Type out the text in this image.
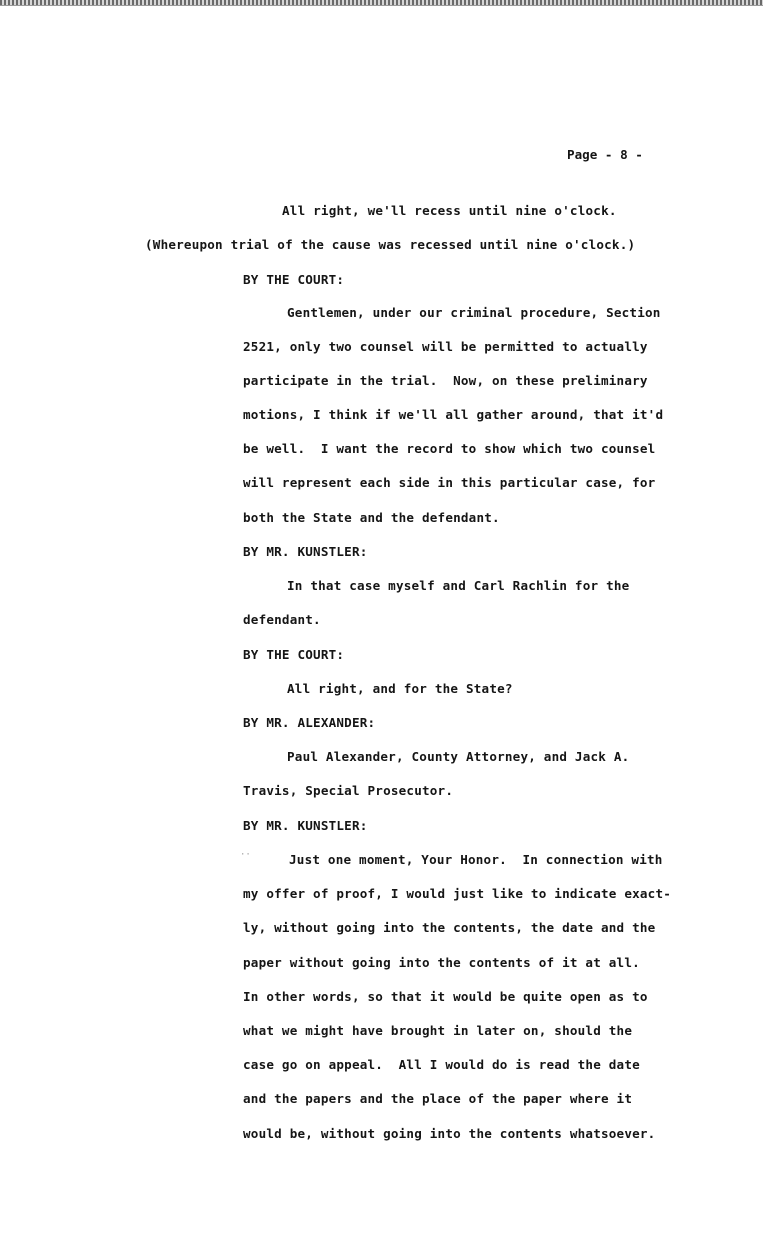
Page - 8 -
All right, we'll recess until nine o'clock.
(Whereupon trial of the cause was recessed until nine o'clock.)
BY THE COURT:
Gentlemen, under our criminal procedure, Section
2521, only two counsel will be permitted to actually
participate in the trial.  Now, on these preliminary
motions, I think if we'll all gather around, that it'd
be well.  I want the record to show which two counsel
will represent each side in this particular case, for
both the State and the defendant.
BY MR. KUNSTLER:
In that case myself and Carl Rachlin for the
defendant.
BY THE COURT:
All right, and for the State?
BY MR. ALEXANDER:
Paul Alexander, County Attorney, and Jack A.
Travis, Special Prosecutor.
BY MR. KUNSTLER:
Just one moment, Your Honor.  In connection with
my offer of proof, I would just like to indicate exact-
ly, without going into the contents, the date and the
paper without going into the contents of it at all.
In other words, so that it would be quite open as to
what we might have brought in later on, should the
case go on appeal.  All I would do is read the date
and the papers and the place of the paper where it
would be, without going into the contents whatsoever.
··
